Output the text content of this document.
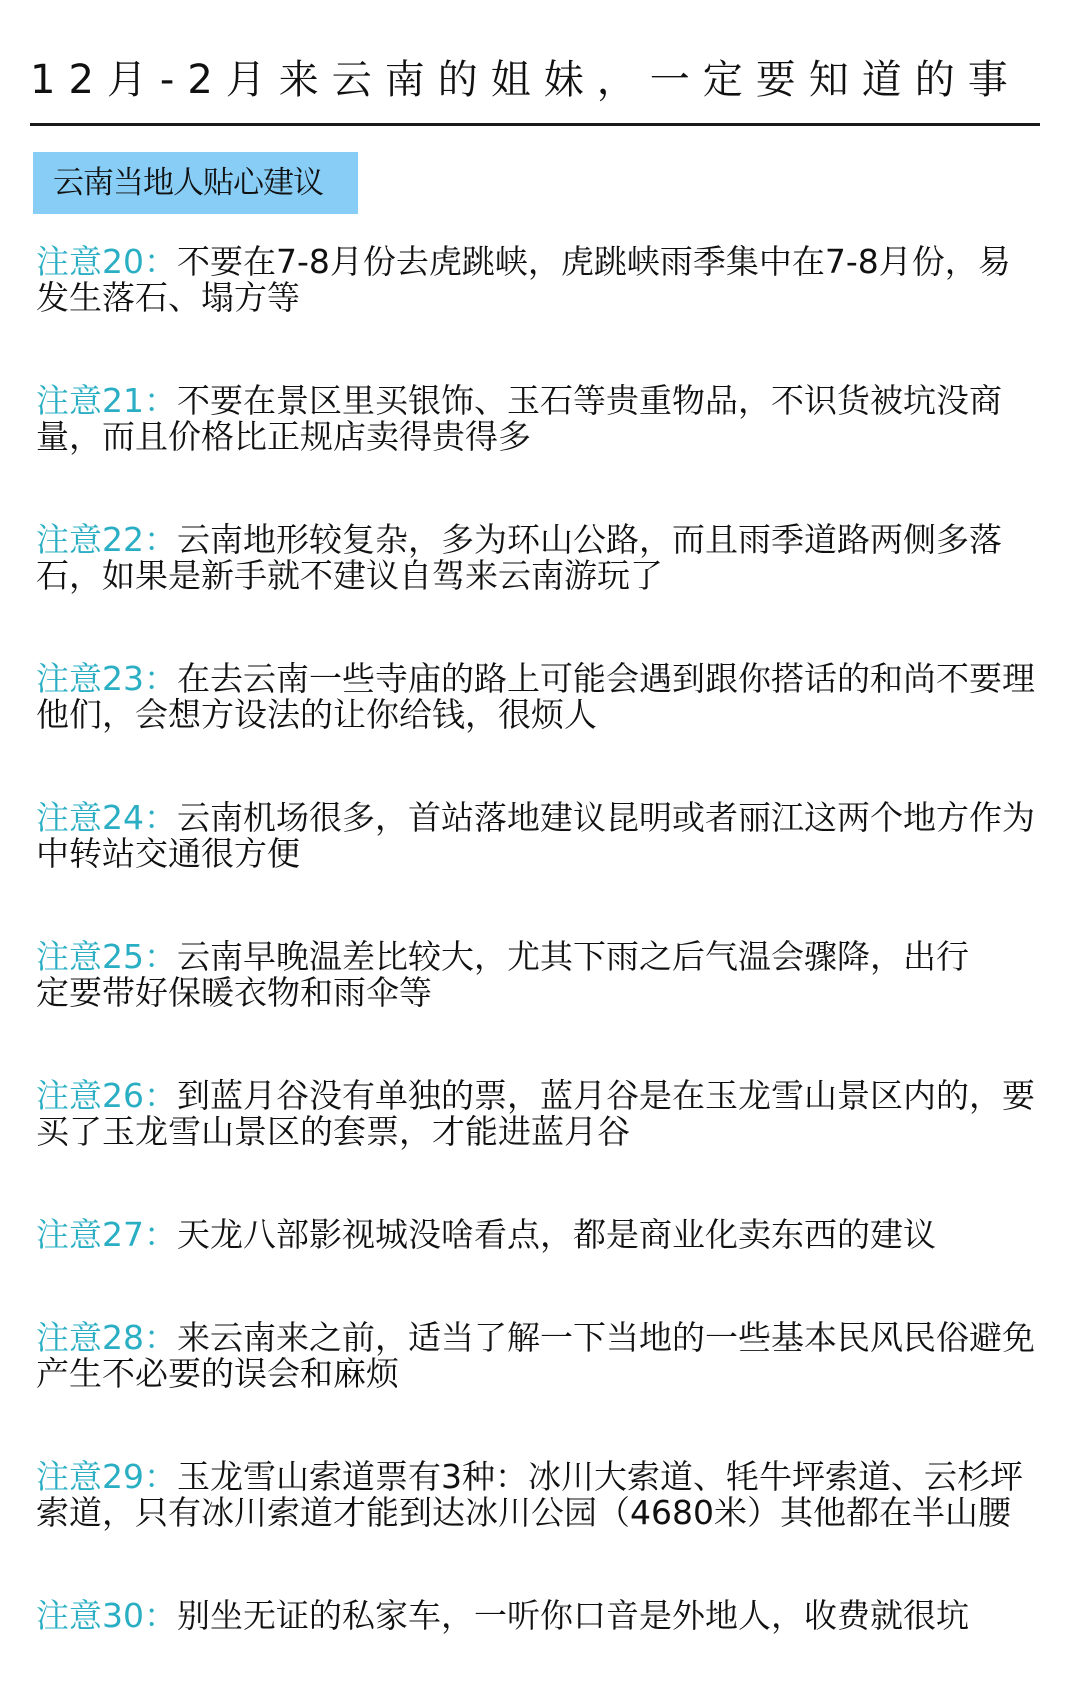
12月-2月来云南的姐妹，一定要知道的事
云南当地人贴心建议
注意20：不要在7-8月份去虎跳峡，虎跳峡雨季集中在7-8月份，易发生落石、塌方等
注意21：不要在景区里买银饰、玉石等贵重物品，不识货被坑没商量，而且价格比正规店卖得贵得多
注意22：云南地形较复杂，多为环山公路，而且雨季道路两侧多落石，如果是新手就不建议自驾来云南游玩了
注意23：在去云南一些寺庙的路上可能会遇到跟你搭话的和尚不要理他们，会想方设法的让你给钱，很烦人
注意24：云南机场很多，首站落地建议昆明或者丽江这两个地方作为中转站交通很方便
注意25：云南早晚温差比较大，尤其下雨之后气温会骤降，出行
定要带好保暖衣物和雨伞等
注意26：到蓝月谷没有单独的票，蓝月谷是在玉龙雪山景区内的，要买了玉龙雪山景区的套票，才能进蓝月谷
注意27：天龙八部影视城没啥看点，都是商业化卖东西的建议
注意28：来云南来之前，适当了解一下当地的一些基本民风民俗避免产生不必要的误会和麻烦
注意29：玉龙雪山索道票有3种：冰川大索道、牦牛坪索道、云杉坪索道，只有冰川索道才能到达冰川公园（4680米）其他都在半山腰
注意30：别坐无证的私家车，一听你口音是外地人，收费就很坑
